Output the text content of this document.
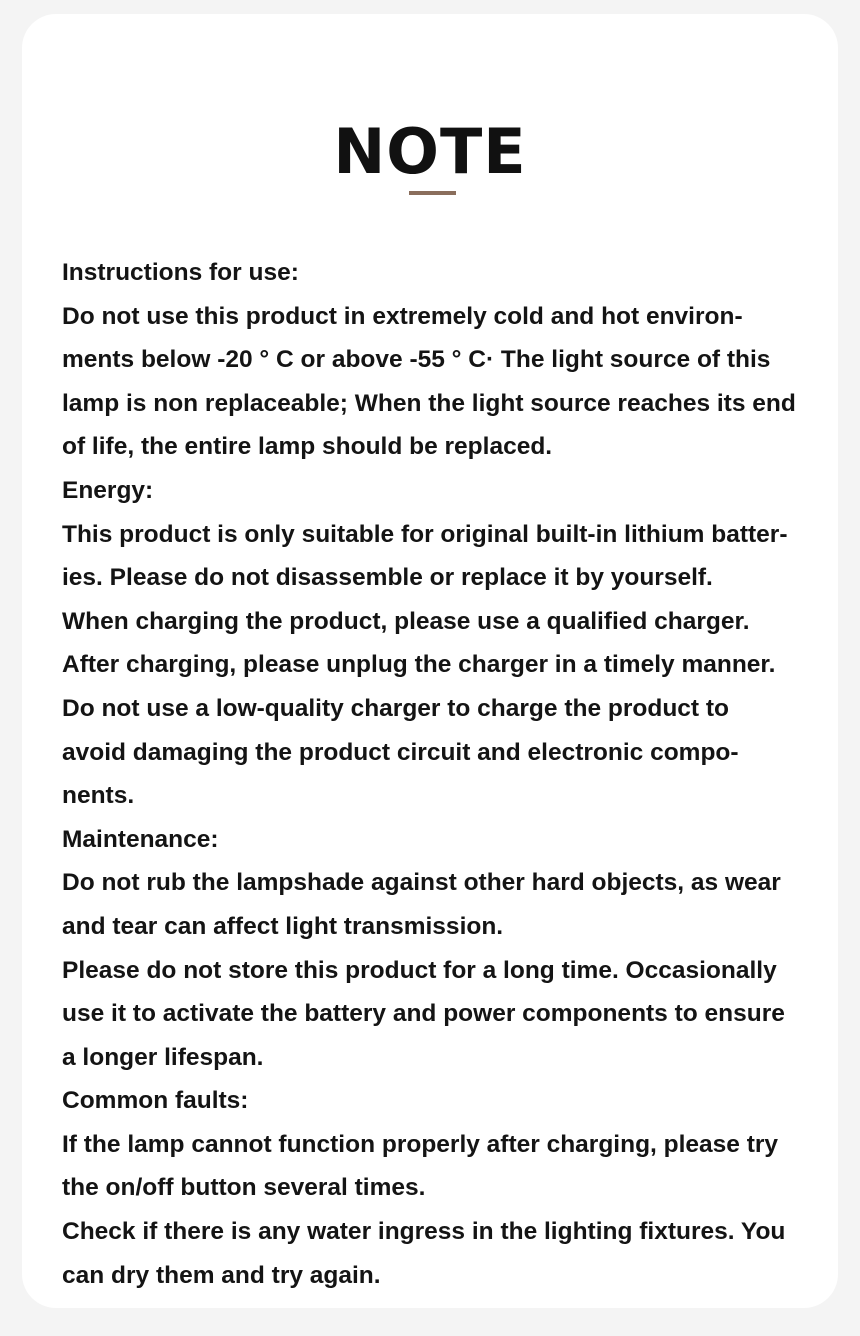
NOTE
Instructions for use:
Do not use this product in extremely cold and hot environ-
ments below -20 ° C or above -55 ° C· The light source of this
lamp is non replaceable; When the light source reaches its end
of life, the entire lamp should be replaced.
Energy:
This product is only suitable for original built-in lithium batter-
ies. Please do not disassemble or replace it by yourself.
When charging the product, please use a qualified charger.
After charging, please unplug the charger in a timely manner.
Do not use a low-quality charger to charge the product to
avoid damaging the product circuit and electronic compo-
nents.
Maintenance:
Do not rub the lampshade against other hard objects, as wear
and tear can affect light transmission.
Please do not store this product for a long time. Occasionally
use it to activate the battery and power components to ensure
a longer lifespan.
Common faults:
If the lamp cannot function properly after charging, please try
the on/off button several times.
Check if there is any water ingress in the lighting fixtures. You
can dry them and try again.
